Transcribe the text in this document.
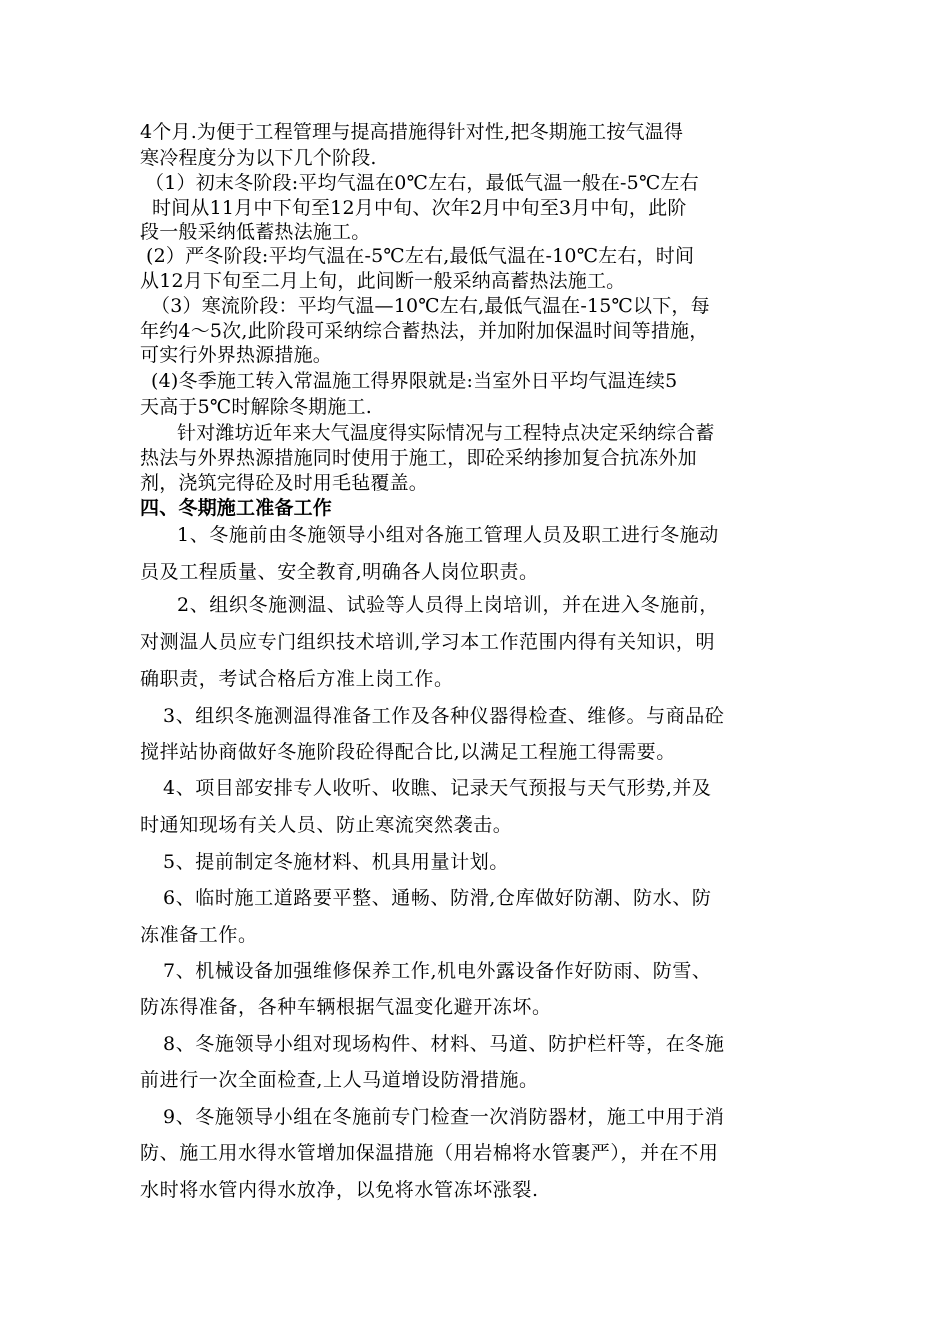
4个月.为便于工程管理与提高措施得针对性,把冬期施工按气温得
寒冷程度分为以下几个阶段.
（1）初末冬阶段:平均气温在0℃左右，最低气温一般在-5℃左右
时间从11月中下旬至12月中旬、次年2月中旬至3月中旬，此阶
段一般采纳低蓄热法施工。
(2）严冬阶段:平均气温在-5℃左右,最低气温在-10℃左右，时间
从12月下旬至二月上旬，此间断一般采纳高蓄热法施工。
（3）寒流阶段：平均气温—10℃左右,最低气温在-15℃以下，每
年约4～5次,此阶段可采纳综合蓄热法，并加附加保温时间等措施，
可实行外界热源措施。
(4)冬季施工转入常温施工得界限就是:当室外日平均气温连续5
天高于5℃时解除冬期施工.
针对潍坊近年来大气温度得实际情况与工程特点决定采纳综合蓄
热法与外界热源措施同时使用于施工，即砼采纳掺加复合抗冻外加
剂，浇筑完得砼及时用毛毡覆盖。
四、冬期施工准备工作
1、冬施前由冬施领导小组对各施工管理人员及职工进行冬施动
员及工程质量、安全教育,明确各人岗位职责。
2、组织冬施测温、试验等人员得上岗培训，并在进入冬施前，
对测温人员应专门组织技术培训,学习本工作范围内得有关知识，明
确职责，考试合格后方准上岗工作。
3、组织冬施测温得准备工作及各种仪器得检查、维修。与商品砼
搅拌站协商做好冬施阶段砼得配合比,以满足工程施工得需要。
4、项目部安排专人收听、收瞧、记录天气预报与天气形势,并及
时通知现场有关人员、防止寒流突然袭击。
5、提前制定冬施材料、机具用量计划。
6、临时施工道路要平整、通畅、防滑,仓库做好防潮、防水、防
冻准备工作。
7、机械设备加强维修保养工作,机电外露设备作好防雨、防雪、
防冻得准备，各种车辆根据气温变化避开冻坏。
8、冬施领导小组对现场构件、材料、马道、防护栏杆等，在冬施
前进行一次全面检查,上人马道增设防滑措施。
9、冬施领导小组在冬施前专门检查一次消防器材，施工中用于消
防、施工用水得水管增加保温措施（用岩棉将水管裹严），并在不用
水时将水管内得水放净，以免将水管冻坏涨裂.
